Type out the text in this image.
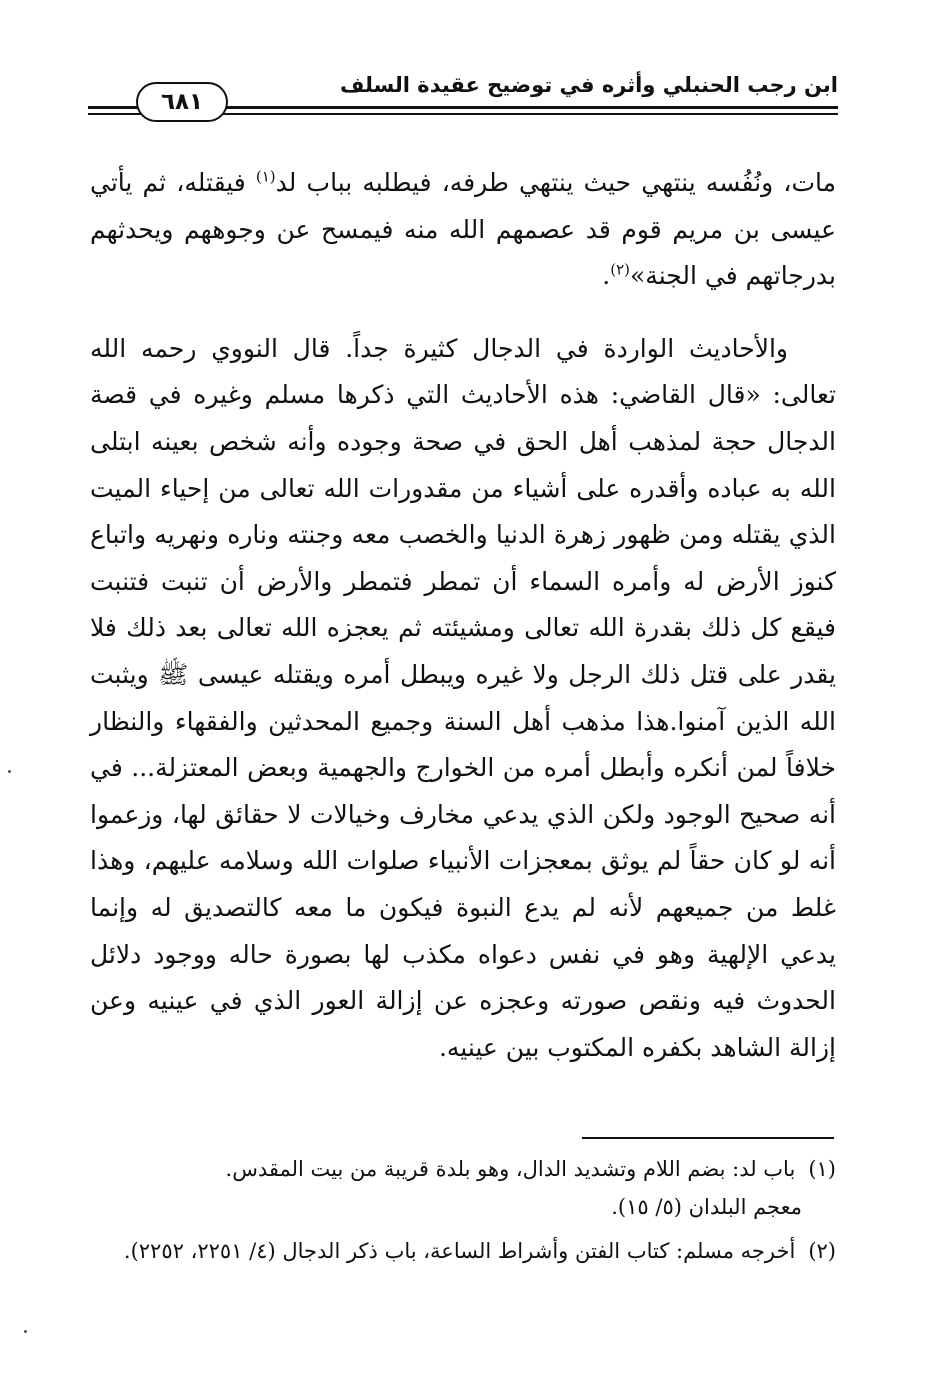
ابن رجب الحنبلي وأثره في توضيح عقيدة السلف
٦٨١

مات، ونُفُسه ينتهي حيث ينتهي طرفه، فيطلبه بباب لد$^{(١)}$ فيقتله، ثم يأتي عيسى بن مريم قوم قد عصمهم الله منه فيمسح عن وجوههم ويحدثهم بدرجاتهم في الجنة»$^{(٢)}$.

والأحاديث الواردة في الدجال كثيرة جداً. قال النووي رحمه الله تعالى: «قال القاضي: هذه الأحاديث التي ذكرها مسلم وغيره في قصة الدجال حجة لمذهب أهل الحق في صحة وجوده وأنه شخص بعينه ابتلى الله به عباده وأقدره على أشياء من مقدورات الله تعالى من إحياء الميت الذي يقتله ومن ظهور زهرة الدنيا والخصب معه وجنته وناره ونهريه واتباع كنوز الأرض له وأمره السماء أن تمطر فتمطر والأرض أن تنبت فتنبت فيقع كل ذلك بقدرة الله تعالى ومشيئته ثم يعجزه الله تعالى بعد ذلك فلا يقدر على قتل ذلك الرجل ولا غيره ويبطل أمره ويقتله عيسى ﷺ ويثبت الله الذين آمنوا.هذا مذهب أهل السنة وجميع المحدثين والفقهاء والنظار خلافاً لمن أنكره وأبطل أمره من الخوارج والجهمية وبعض المعتزلة... في أنه صحيح الوجود ولكن الذي يدعي مخارف وخيالات لا حقائق لها، وزعموا أنه لو كان حقاً لم يوثق بمعجزات الأنبياء صلوات الله وسلامه عليهم، وهذا غلط من جميعهم لأنه لم يدع النبوة فيكون ما معه كالتصديق له وإنما يدعي الإلهية وهو في نفس دعواه مكذب لها بصورة حاله ووجود دلائل الحدوث فيه ونقص صورته وعجزه عن إزالة العور الذي في عينيه وعن إزالة الشاهد بكفره المكتوب بين عينيه.

(١) باب لد: بضم اللام وتشديد الدال، وهو بلدة قريبة من بيت المقدس.
معجم البلدان (٥/ ١٥).
(٢) أخرجه مسلم: كتاب الفتن وأشراط الساعة، باب ذكر الدجال (٤/ ٢٢٥١، ٢٢٥٢).
